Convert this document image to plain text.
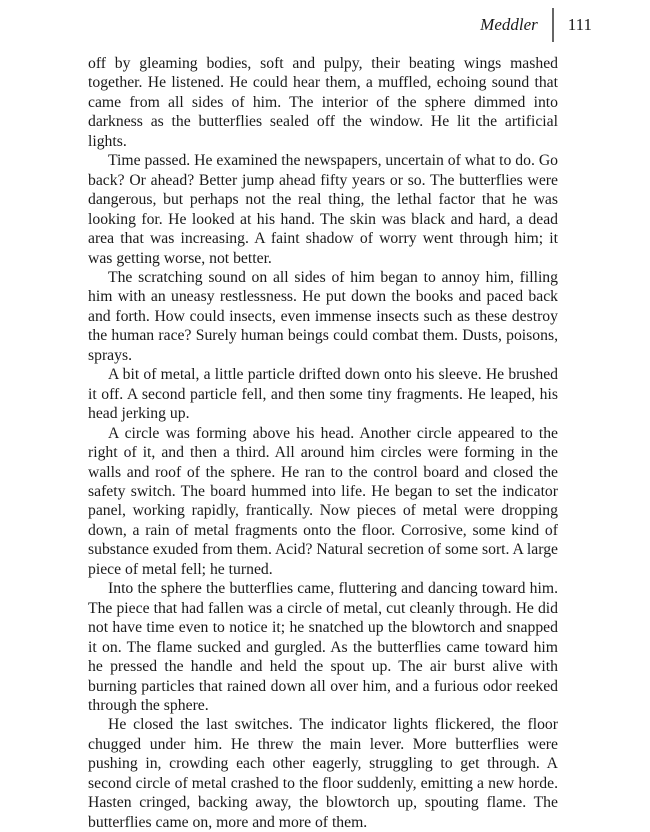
Meddler	111

off by gleaming bodies, soft and pulpy, their beating wings mashed together. He listened. He could hear them, a muffled, echoing sound that came from all sides of him. The interior of the sphere dimmed into darkness as the butterflies sealed off the window. He lit the artificial lights.

Time passed. He examined the newspapers, uncertain of what to do. Go back? Or ahead? Better jump ahead fifty years or so. The butterflies were dangerous, but perhaps not the real thing, the lethal factor that he was looking for. He looked at his hand. The skin was black and hard, a dead area that was increasing. A faint shadow of worry went through him; it was getting worse, not better.

The scratching sound on all sides of him began to annoy him, filling him with an uneasy restlessness. He put down the books and paced back and forth. How could insects, even immense insects such as these destroy the human race? Surely human beings could combat them. Dusts, poisons, sprays.

A bit of metal, a little particle drifted down onto his sleeve. He brushed it off. A second particle fell, and then some tiny fragments. He leaped, his head jerking up.

A circle was forming above his head. Another circle appeared to the right of it, and then a third. All around him circles were forming in the walls and roof of the sphere. He ran to the control board and closed the safety switch. The board hummed into life. He began to set the indicator panel, working rapidly, frantically. Now pieces of metal were dropping down, a rain of metal fragments onto the floor. Corrosive, some kind of substance exuded from them. Acid? Natural secretion of some sort. A large piece of metal fell; he turned.

Into the sphere the butterflies came, fluttering and dancing toward him. The piece that had fallen was a circle of metal, cut cleanly through. He did not have time even to notice it; he snatched up the blowtorch and snapped it on. The flame sucked and gurgled. As the butterflies came toward him he pressed the handle and held the spout up. The air burst alive with burning particles that rained down all over him, and a furious odor reeked through the sphere.

He closed the last switches. The indicator lights flickered, the floor chugged under him. He threw the main lever. More butterflies were pushing in, crowding each other eagerly, struggling to get through. A second circle of metal crashed to the floor suddenly, emitting a new horde. Hasten cringed, backing away, the blowtorch up, spouting flame. The butterflies came on, more and more of them.
